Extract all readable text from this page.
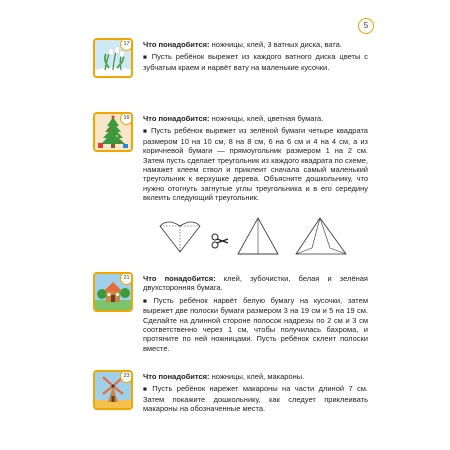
5
17	Что понадобится: ножницы, клей, 3 ватных диска, вата.
■ Пусть ребёнок вырежет из каждого ватного диска цветы с зубчатым краем и нарвёт вату на маленькие кусочки.
19	Что понадобится: ножницы, клей, цветная бумага.
■ Пусть ребёнок вырежет из зелёной бумаги четыре квадрата размером 10 на 10 см, 8 на 8 см, 6 на 6 см и 4 на 4 см, а из коричневой бумаги — прямоугольник размером 1 на 2 см. Затем пусть сделает треугольник из каждого квадрата по схеме, намажет клеем ствол и приклеит сначала самый маленький треугольник к верхушке дерева. Объясните дошкольнику, что нужно отогнуть загнутые углы треугольника и в его середину вклеить следующий треугольник.
21	Что понадобится: клей, зубочистки, белая и зелёная двухсторонняя бумага.
■ Пусть ребёнок нарвёт белую бумагу на кусочки, затем вырежет две полоски бумаги размером 3 на 19 см и 5 на 19 см. Сделайте на длинной стороне полосок надрезы по 2 см и 3 см соответственно через 1 см, чтобы получилась бахрома, и протяните по ней ножницами. Пусть ребёнок склеит полоски вместе.
23	Что понадобится: ножницы, клей, макароны.
■ Пусть ребёнок нарежет макароны на части длиной 7 см. Затем покажите дошкольнику, как следует приклеивать макароны на обозначенные места.
